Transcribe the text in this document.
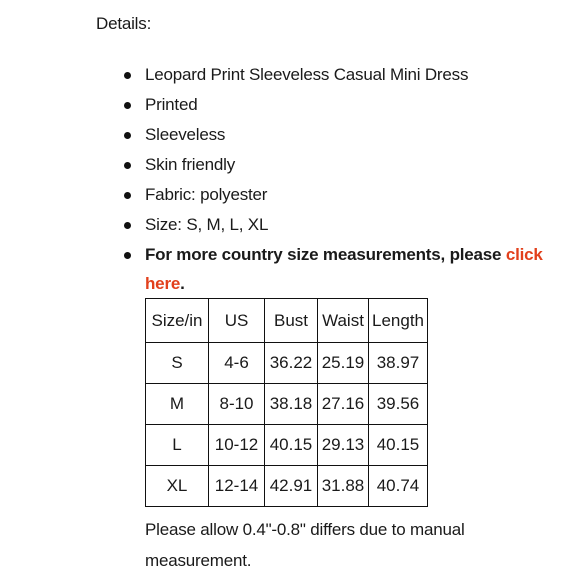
Details:
Leopard Print Sleeveless Casual Mini Dress
Printed
Sleeveless
Skin friendly
Fabric: polyester
Size: S, M, L, XL
For more country size measurements, please click here.
Size/in	US	Bust	Waist	Length
S	4-6	36.22	25.19	38.97
M	8-10	38.18	27.16	39.56
L	10-12	40.15	29.13	40.15
XL	12-14	42.91	31.88	40.74
Please allow 0.4"-0.8" differs due to manual measurement.
